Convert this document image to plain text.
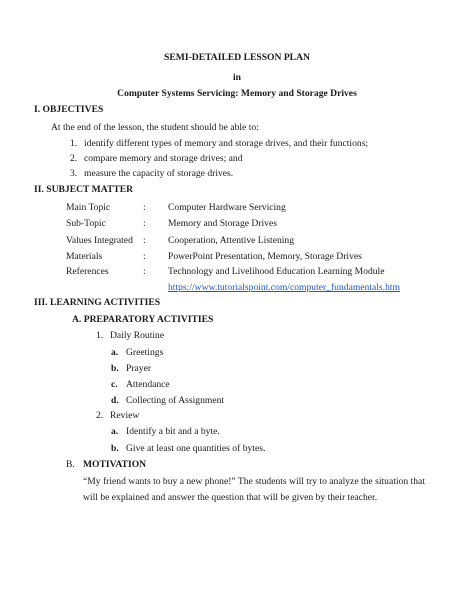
SEMI-DETAILED LESSON PLAN
in
Computer Systems Servicing: Memory and Storage Drives
I. OBJECTIVES
At the end of the lesson, the student should be able to:
1. identify different types of memory and storage drives, and their functions;
2. compare memory and storage drives; and
3. measure the capacity of storage drives.
II. SUBJECT MATTER
Main Topic	: Computer Hardware Servicing
Sub-Topic	: Memory and Storage Drives
Values Integrated : Cooperation, Attentive Listening
Materials	: PowerPoint Presentation, Memory, Storage Drives
References	: Technology and Livelihood Education Learning Module
https://www.tutorialspoint.com/computer_fundamentals.htm
III. LEARNING ACTIVITIES
A. PREPARATORY ACTIVITIES
1. Daily Routine
a. Greetings
b. Prayer
c. Attendance
d. Collecting of Assignment
2. Review
a. Identify a bit and a byte.
b. Give at least one quantities of bytes.
B. MOTIVATION
“My friend wants to buy a new phone!” The students will try to analyze the situation that
will be explained and answer the question that will be given by their teacher.
